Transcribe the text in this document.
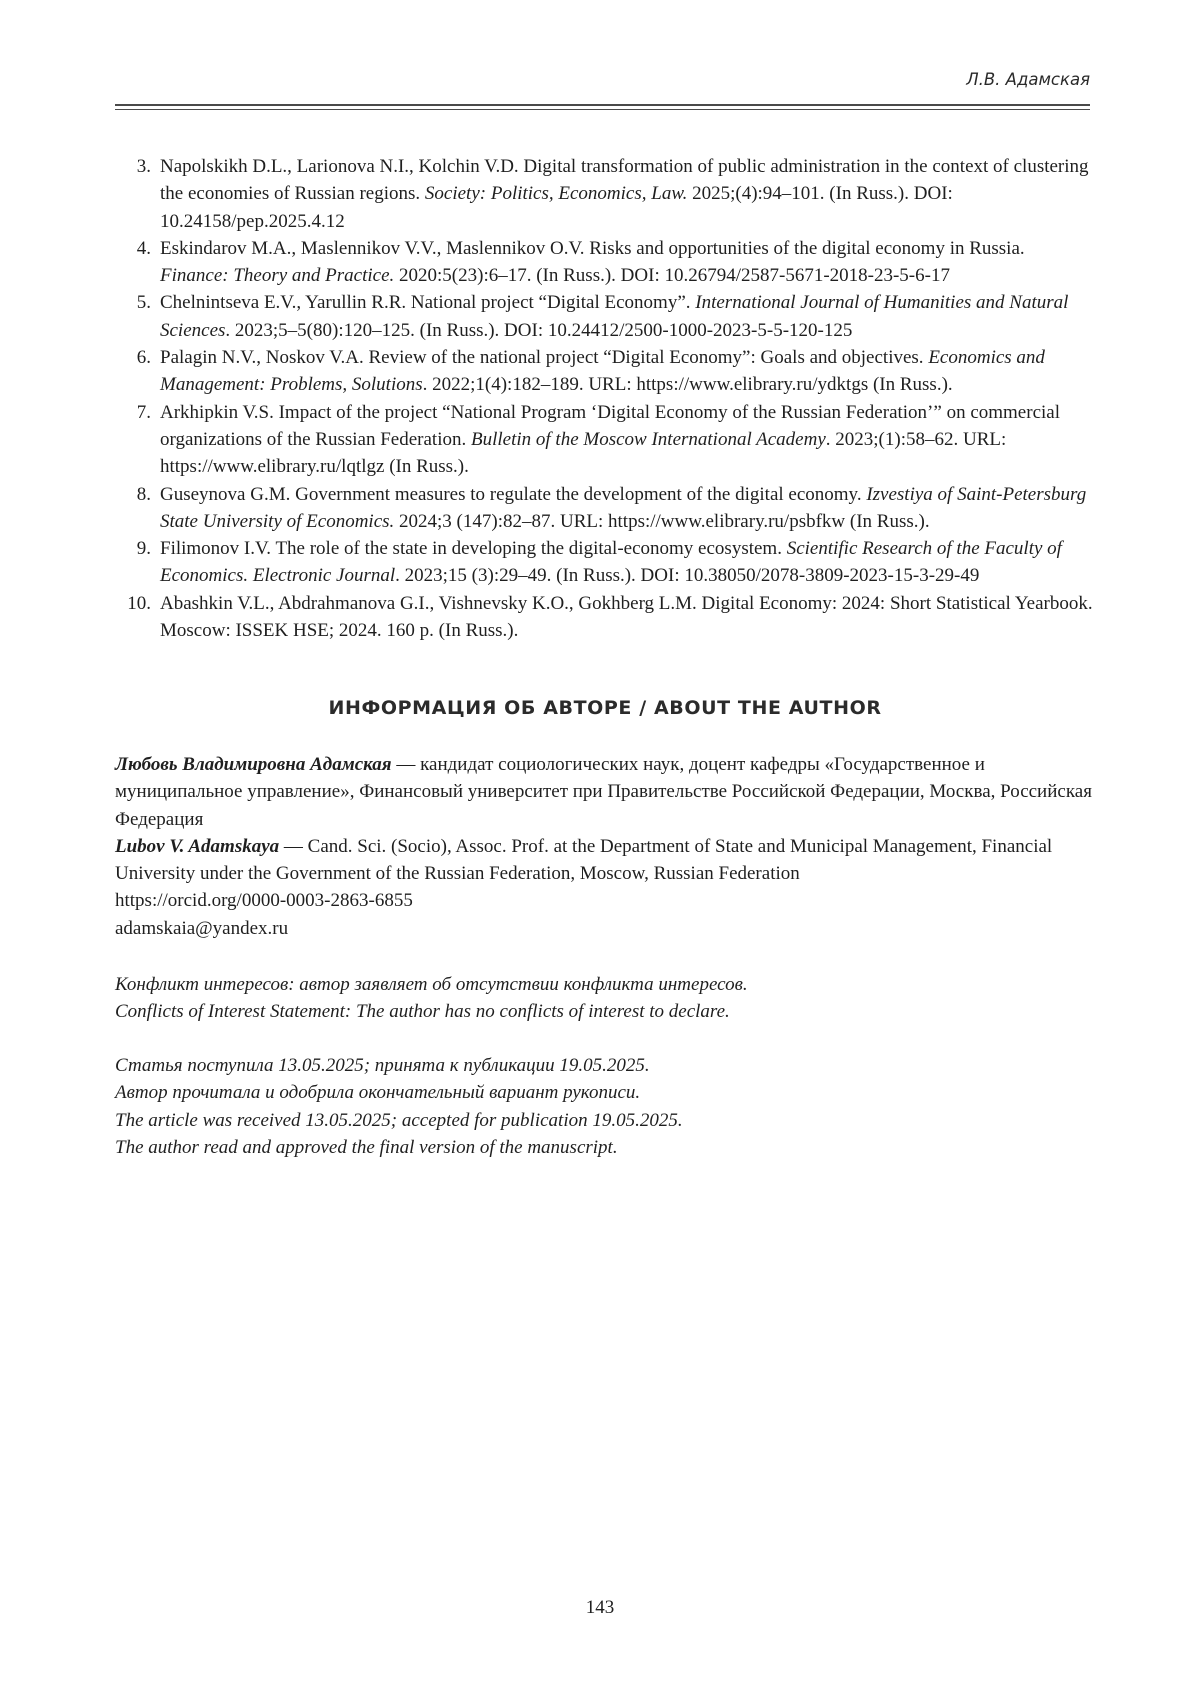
Л.В. Адамская
3. Napolskikh D.L., Larionova N.I., Kolchin V.D. Digital transformation of public administration in the context of clustering the economies of Russian regions. Society: Politics, Economics, Law. 2025;(4):94–101. (In Russ.). DOI: 10.24158/pep.2025.4.12
4. Eskindarov M.A., Maslennikov V.V., Maslennikov O.V. Risks and opportunities of the digital economy in Russia. Finance: Theory and Practice. 2020:5(23):6–17. (In Russ.). DOI: 10.26794/2587-5671-2018-23-5-6-17
5. Chelnintseva E.V., Yarullin R.R. National project “Digital Economy”. International Journal of Humanities and Natural Sciences. 2023;5–5(80):120–125. (In Russ.). DOI: 10.24412/2500-1000-2023-5-5-120-125
6. Palagin N.V., Noskov V.A. Review of the national project “Digital Economy”: Goals and objectives. Economics and Management: Problems, Solutions. 2022;1(4):182–189. URL: https://www.elibrary.ru/ydktgs (In Russ.).
7. Arkhipkin V.S. Impact of the project “National Program ‘Digital Economy of the Russian Federation’” on commercial organizations of the Russian Federation. Bulletin of the Moscow International Academy. 2023;(1):58–62. URL: https://www.elibrary.ru/lqtlgz (In Russ.).
8. Guseynova G.M. Government measures to regulate the development of the digital economy. Izvestiya of Saint-Petersburg State University of Economics. 2024;3 (147):82–87. URL: https://www.elibrary.ru/psbfkw (In Russ.).
9. Filimonov I.V. The role of the state in developing the digital-economy ecosystem. Scientific Research of the Faculty of Economics. Electronic Journal. 2023;15 (3):29–49. (In Russ.). DOI: 10.38050/2078-3809-2023-15-3-29-49
10. Abashkin V.L., Abdrahmanova G.I., Vishnevsky K.O., Gokhberg L.M. Digital Economy: 2024: Short Statistical Yearbook. Moscow: ISSEK HSE; 2024. 160 p. (In Russ.).
ИНФОРМАЦИЯ ОБ АВТОРЕ / ABOUT THE AUTHOR

Любовь Владимировна Адамская — кандидат социологических наук, доцент кафедры «Государственное и муниципальное управление», Финансовый университет при Правительстве Российской Федерации, Москва, Российская Федерация

Lubov V. Adamskaya — Cand. Sci. (Socio), Assoc. Prof. at the Department of State and Municipal Management, Financial University under the Government of the Russian Federation, Moscow, Russian Federation

https://orcid.org/0000-0003-2863-6855

adamskaia@yandex.ru

Конфликт интересов: автор заявляет об отсутствии конфликта интересов.

Conflicts of Interest Statement: The author has no conflicts of interest to declare.

Статья поступила 13.05.2025; принята к публикации 19.05.2025.

Автор прочитала и одобрила окончательный вариант рукописи.

The article was received 13.05.2025; accepted for publication 19.05.2025.

The author read and approved the final version of the manuscript.

143
